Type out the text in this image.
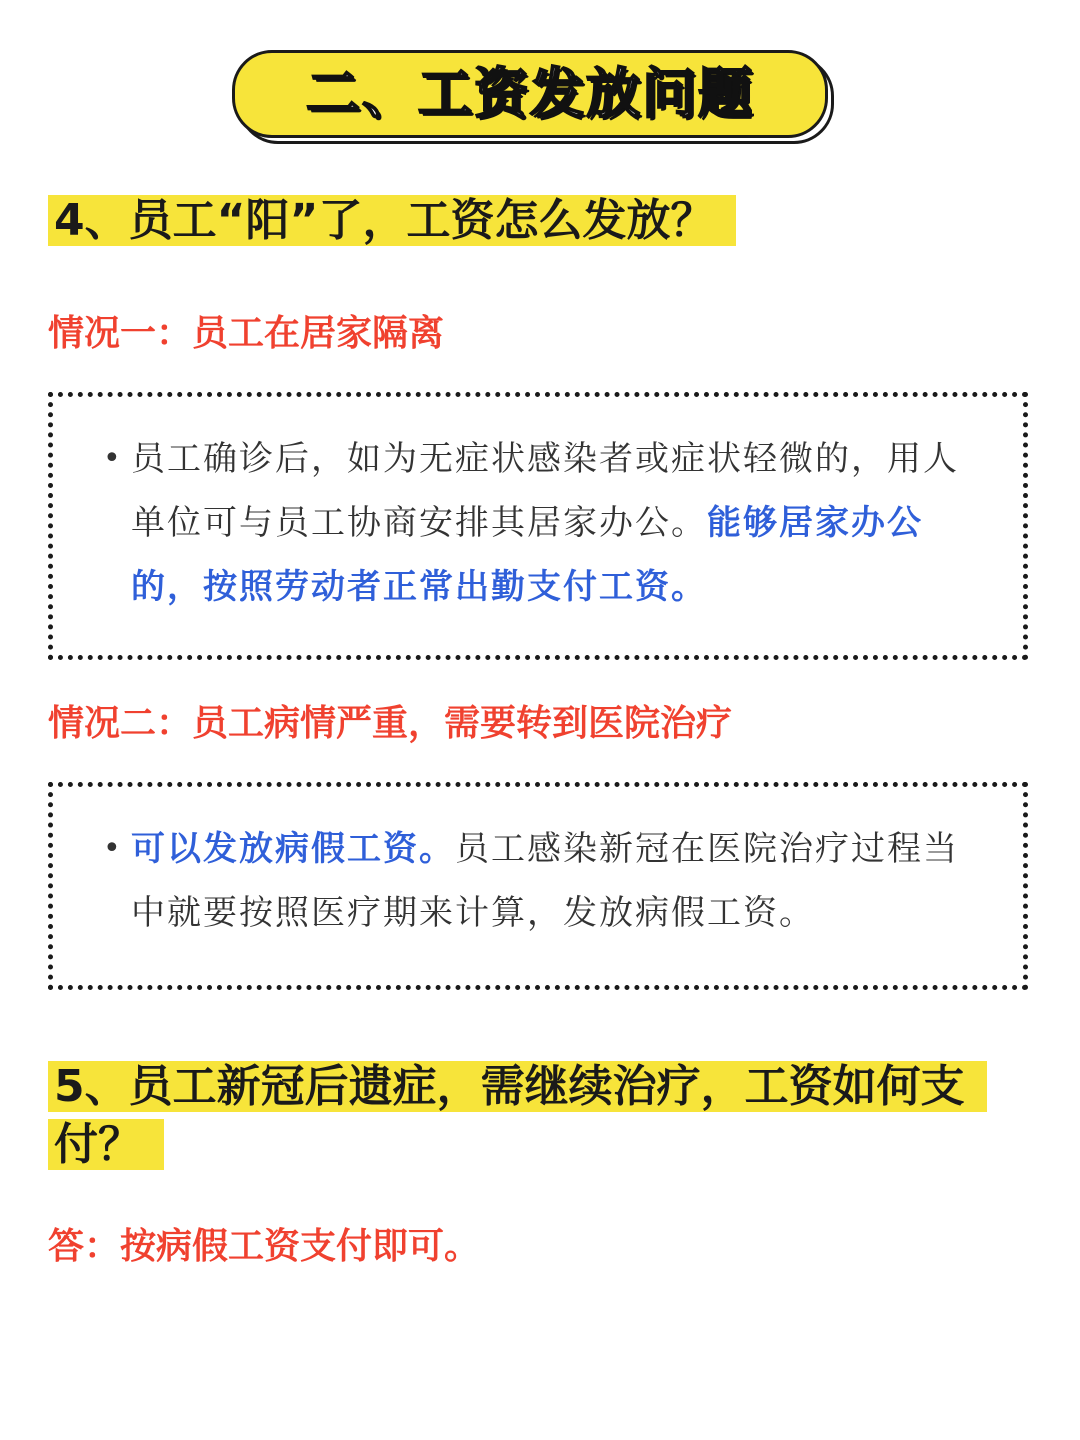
二、工资发放问题
4、员工“阳”了，工资怎么发放？
情况一：员工在居家隔离
• 员工确诊后，如为无症状感染者或症状轻微的，用人单位可与员工协商安排其居家办公。能够居家办公的，按照劳动者正常出勤支付工资。
情况二：员工病情严重，需要转到医院治疗
• 可以发放病假工资。员工感染新冠在医院治疗过程当中就要按照医疗期来计算，发放病假工资。
5、员工新冠后遗症，需继续治疗，工资如何支付？
答：按病假工资支付即可。
